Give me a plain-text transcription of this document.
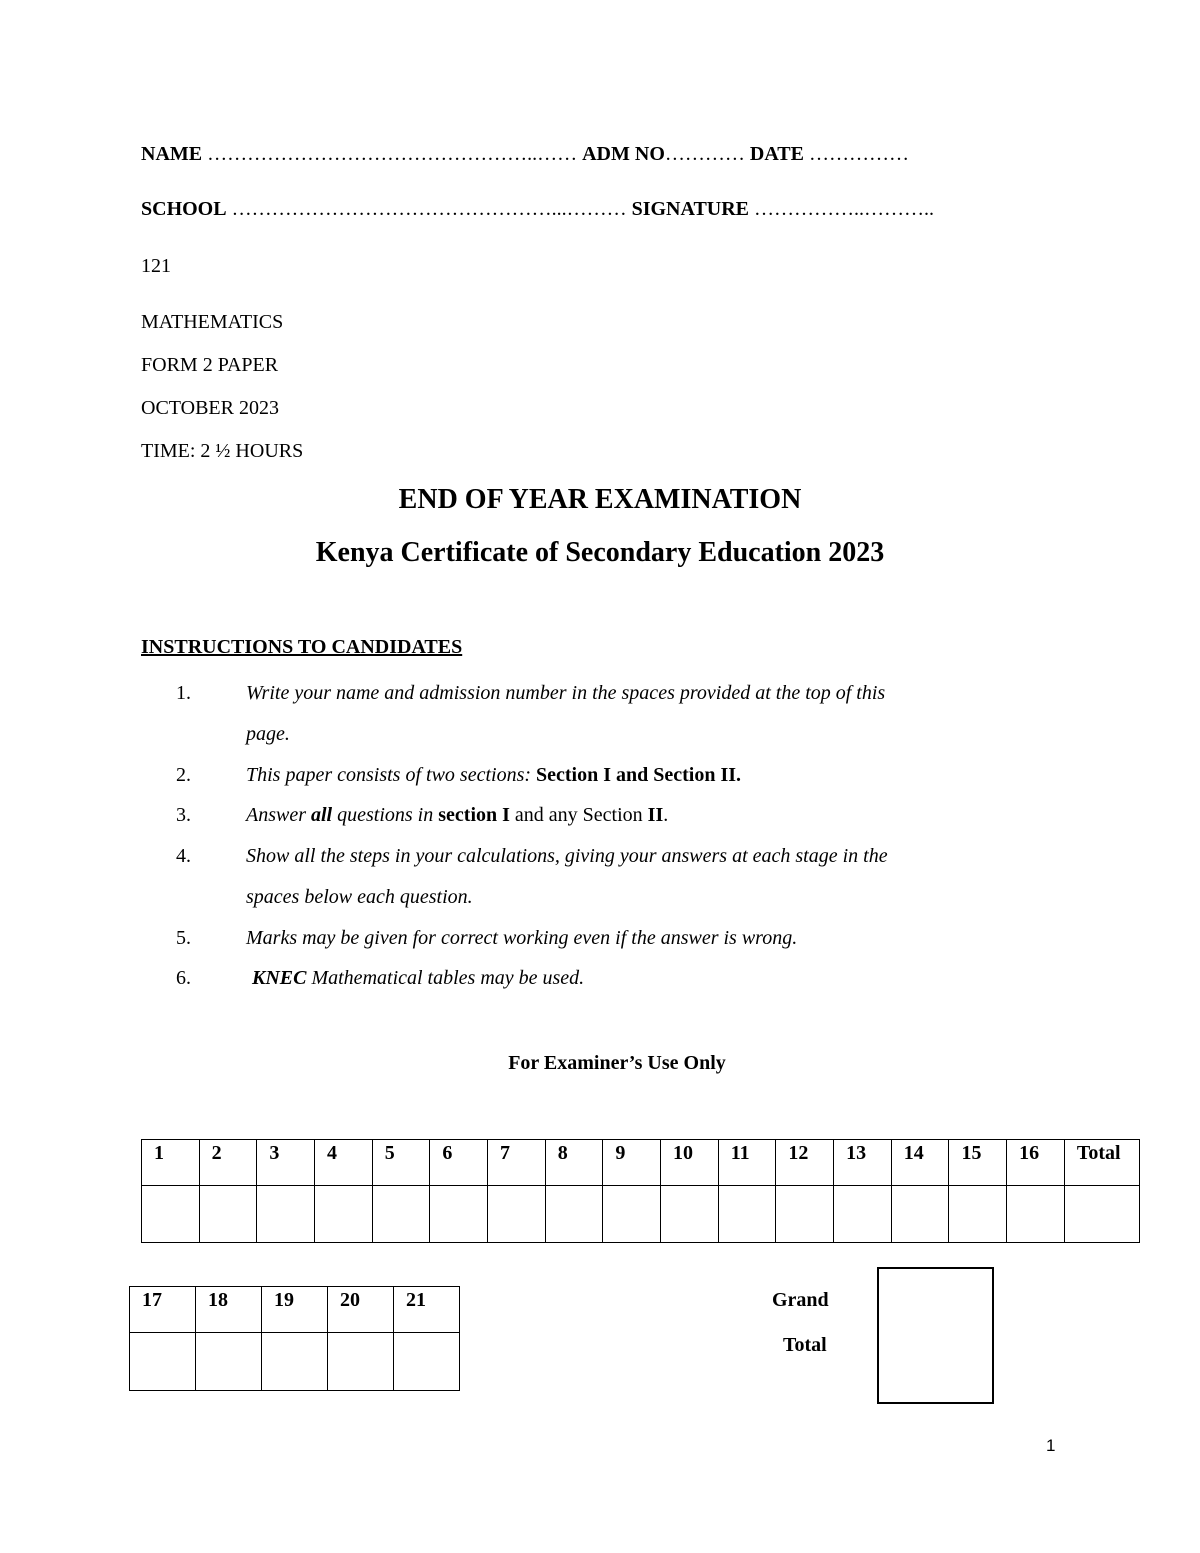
NAME …………………………………………..…… ADM NO………… DATE ……………
SCHOOL …………………………………………...……… SIGNATURE ……………..………..
121
MATHEMATICS
FORM 2 PAPER
OCTOBER 2023
TIME: 2 ½ HOURS
END OF YEAR EXAMINATION
Kenya Certificate of Secondary Education 2023
INSTRUCTIONS TO CANDIDATES
1.	Write your name and admission number in the spaces provided at the top of this
page.
2.	This paper consists of two sections: Section I and Section II.
3.	Answer all questions in section I and any Section II.
4.	Show all the steps in your calculations, giving your answers at each stage in the
spaces below each question.
5.	Marks may be given for correct working even if the answer is wrong.
6.	KNEC Mathematical tables may be used.
For Examiner’s Use Only
1	2	3	4	5	6	7	8	9	10	11	12	13	14	15	16	Total

17	18	19	20	21
					Grand
Total
1
